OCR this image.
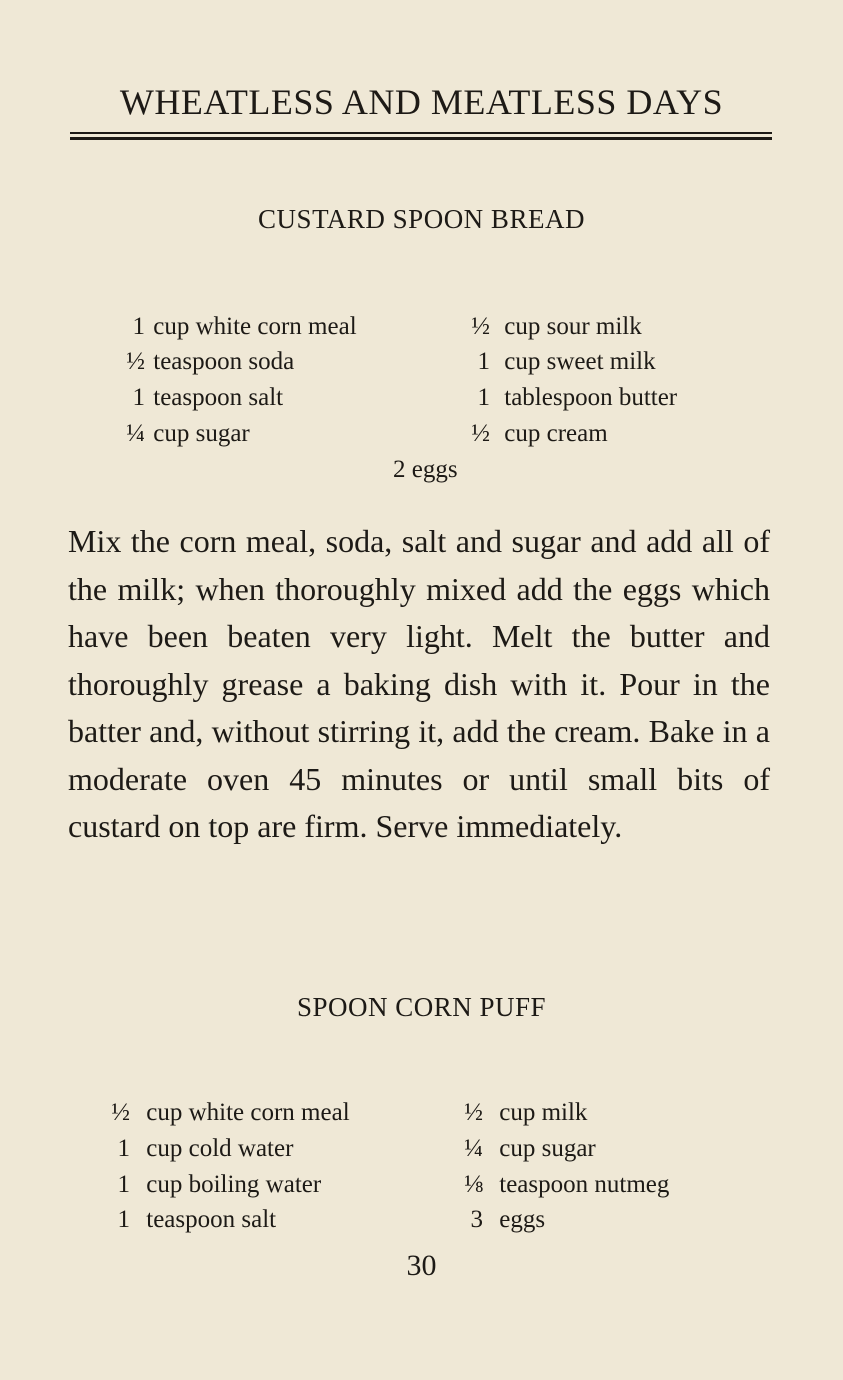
WHEATLESS AND MEATLESS DAYS
CUSTARD SPOON BREAD
1 cup white corn meal
½ teaspoon soda
1 teaspoon salt
¼ cup sugar
½ cup sour milk
1 cup sweet milk
1 tablespoon butter
½ cup cream
2 eggs
Mix the corn meal, soda, salt and sugar and add all of the milk; when thoroughly mixed add the eggs which have been beaten very light. Melt the butter and thoroughly grease a baking dish with it. Pour in the batter and, without stirring it, add the cream. Bake in a moderate oven 45 minutes or until small bits of custard on top are firm. Serve immediately.
SPOON CORN PUFF
½ cup white corn meal
1 cup cold water
1 cup boiling water
1 teaspoon salt
½ cup milk
¼ cup sugar
⅛ teaspoon nutmeg
3 eggs
30
